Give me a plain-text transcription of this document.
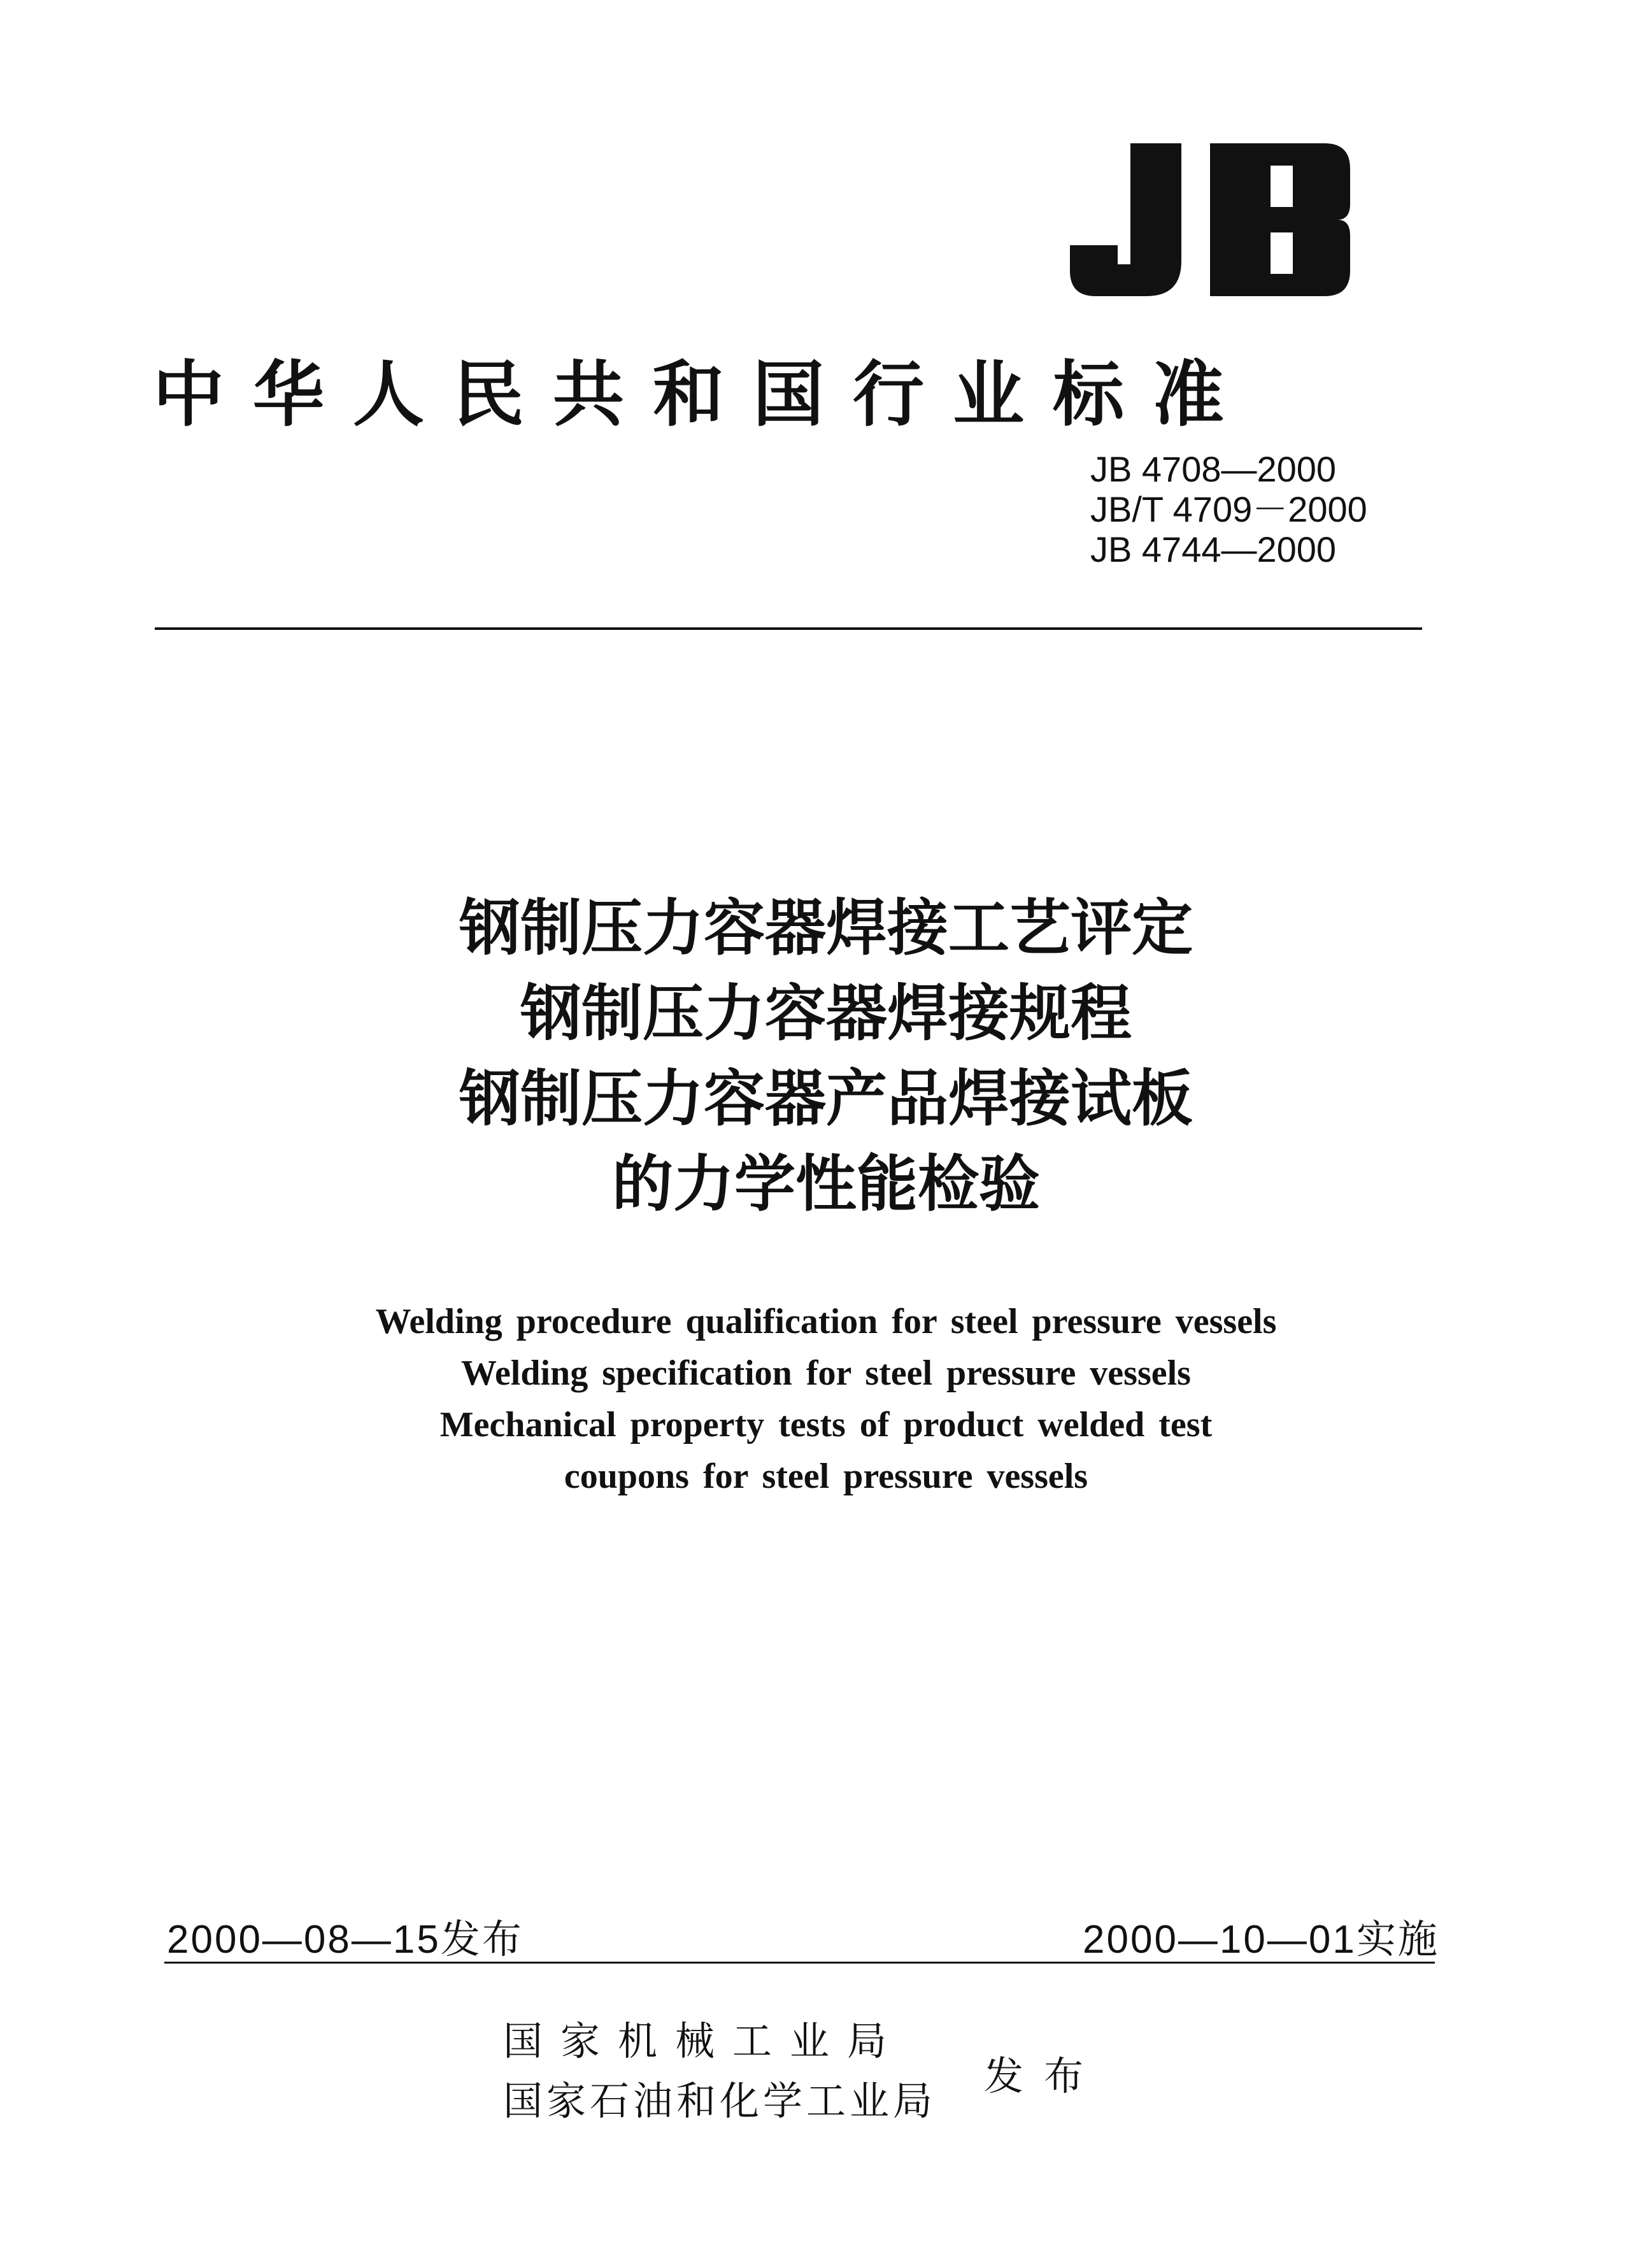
中华人民共和国行业标准
JB 4708—2000
JB/T 4709－2000
JB 4744—2000
钢制压力容器焊接工艺评定
钢制压力容器焊接规程
钢制压力容器产品焊接试板
的力学性能检验
Welding procedure qualification for steel pressure vessels
Welding specification for steel pressure vessels
Mechanical property tests of product welded test
coupons for steel pressure vessels
2000—08—15发布	2000—10—01实施
国家机械工业局
国家石油和化学工业局
发布
